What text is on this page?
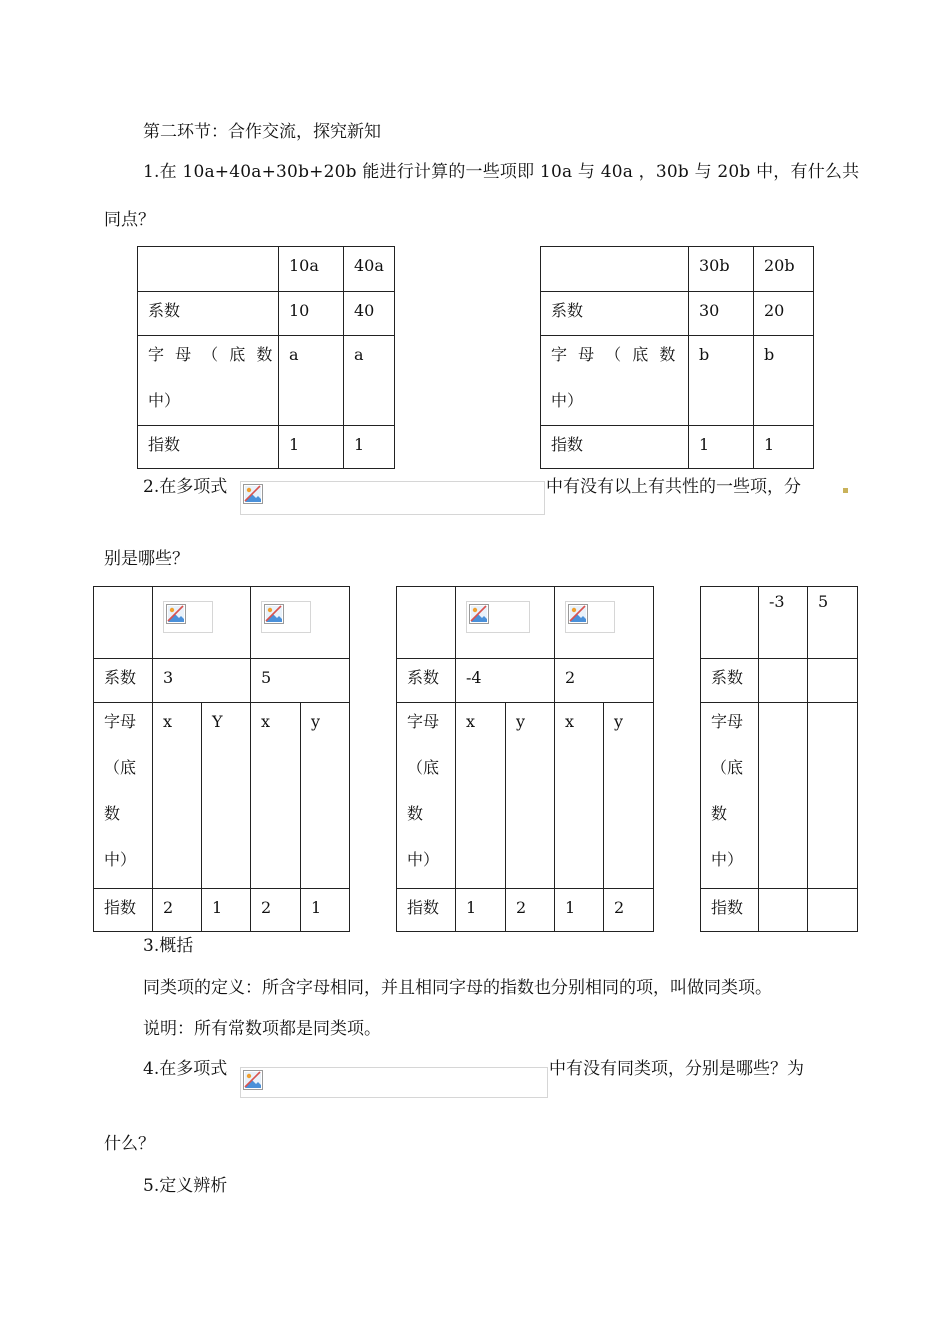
第二环节：合作交流，探究新知
1.在 10a+40a+30b+20b 能进行计算的一些项即 10a 与 40a ，30b 与 20b 中，有什么共
同点？
	10a	40a
系数	10	40

字 母 （ 底 数
中）	a	a
指数	1	1
	30b	20b
系数	30	20

字 母 （ 底 数
中）	b	b
指数	1	1
2.在多项式	中有没有以上有共性的一些项，分
别是哪些？

系数	3		5	

字母
（底
数
中）	x	Y	x	y
指数	2	1	2	1

系数	-4		2	

字母
（底
数
中）	x	y	x	y
指数	1	2	1	2
	-3	5
系数		

字母
（底
数
中）		

指数		
3.概括
同类项的定义：所含字母相同，并且相同字母的指数也分别相同的项，叫做同类项。
说明：所有常数项都是同类项。
4.在多项式	中有没有同类项，分别是哪些？为
什么？
5.定义辨析
